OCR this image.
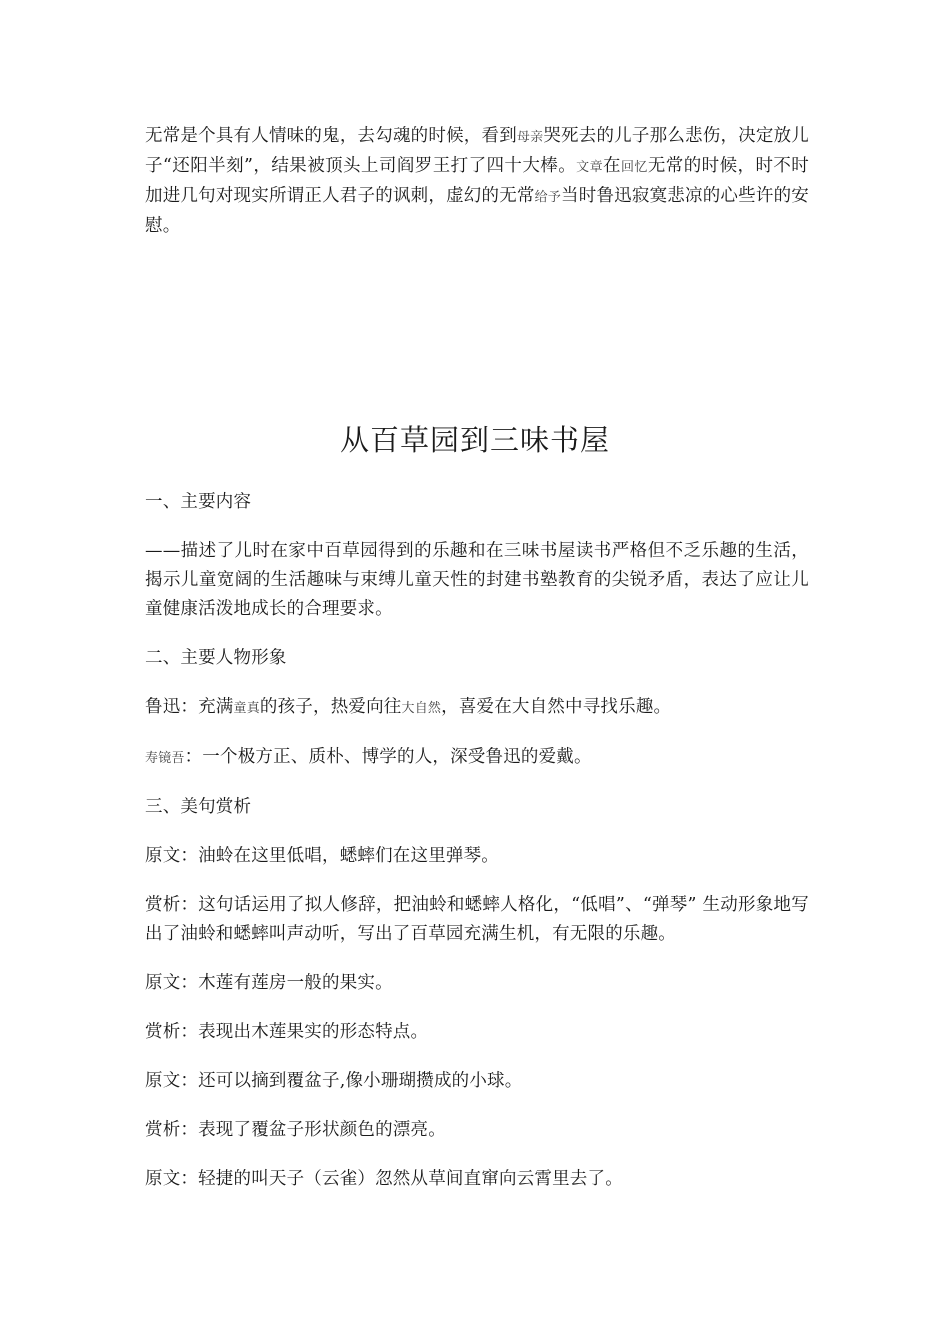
无常是个具有人情味的鬼，去勾魂的时候，看到母亲哭死去的儿子那么悲伤，决定放儿子“还阳半刻”，结果被顶头上司阎罗王打了四十大棒。文章在回忆无常的时候，时不时加进几句对现实所谓正人君子的讽刺，虚幻的无常给予当时鲁迅寂寞悲凉的心些许的安慰。
从百草园到三味书屋

一、主要内容

——描述了儿时在家中百草园得到的乐趣和在三味书屋读书严格但不乏乐趣的生活，揭示儿童宽阔的生活趣味与束缚儿童天性的封建书塾教育的尖锐矛盾，表达了应让儿童健康活泼地成长的合理要求。

二、主要人物形象

鲁迅：充满童真的孩子，热爱向往大自然，喜爱在大自然中寻找乐趣。

寿镜吾：一个极方正、质朴、博学的人，深受鲁迅的爱戴。

三、美句赏析

原文：油蛉在这里低唱，蟋蟀们在这里弹琴。

赏析：这句话运用了拟人修辞，把油蛉和蟋蟀人格化，“低唱”、“弹琴” 生动形象地写出了油蛉和蟋蟀叫声动听，写出了百草园充满生机，有无限的乐趣。

原文：木莲有莲房一般的果实。

赏析：表现出木莲果实的形态特点。

原文：还可以摘到覆盆子,像小珊瑚攒成的小球。

赏析：表现了覆盆子形状颜色的漂亮。

原文：轻捷的叫天子（云雀）忽然从草间直窜向云霄里去了。
